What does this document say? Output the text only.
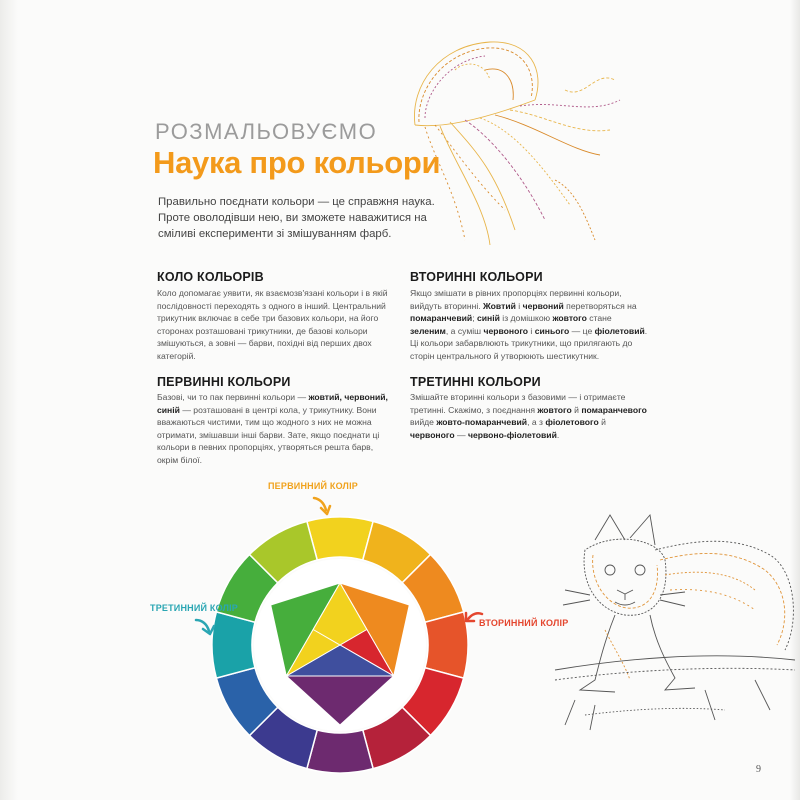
РОЗМАЛЬОВУЄМО
Наука про кольори
Правильно поєднати кольори — це справжня наука. Проте оволодівши нею, ви зможете наважитися на сміливі експерименти зі змішуванням фарб.
КОЛО КОЛЬОРІВ
Коло допомагає уявити, як взаємозв'язані кольори і в якій послідовності переходять з одного в інший. Центральний трикутник включає в себе три базових кольори, на його сторонах розташовані трикутники, де базові кольори змішуються, а зовні — барви, похідні від перших двох категорій.
ПЕРВИННІ КОЛЬОРИ
Базові, чи то пак первинні кольори — жовтий, червоний, синій — розташовані в центрі кола, у трикутнику. Вони вважаються чистими, тим що жодного з них не можна отримати, змішавши інші барви. Зате, якщо поєднати ці кольори в певних пропорціях, утворяться решта барв, окрім білої.
ВТОРИННІ КОЛЬОРИ
Якщо змішати в рівних пропорціях первинні кольори, вийдуть вторинні. Жовтий і червоний перетворяться на помаранчевий; синій із домішкою жовтого стане зеленим, а суміш червоного і синього — це фіолетовий. Ці кольори забарвлюють трикутники, що прилягають до сторін центрального й утворюють шестикутник.
ТРЕТИННІ КОЛЬОРИ
Змішайте вторинні кольори з базовими — і отримаєте третинні. Скажімо, з поєднання жовтого й помаранчевого вийде жовто-помаранчевий, а з фіолетового й червоного — червоно-фіолетовий.
ПЕРВИННИЙ КОЛІР
ВТОРИННИЙ КОЛІР
ТРЕТИННИЙ КОЛІР
9
